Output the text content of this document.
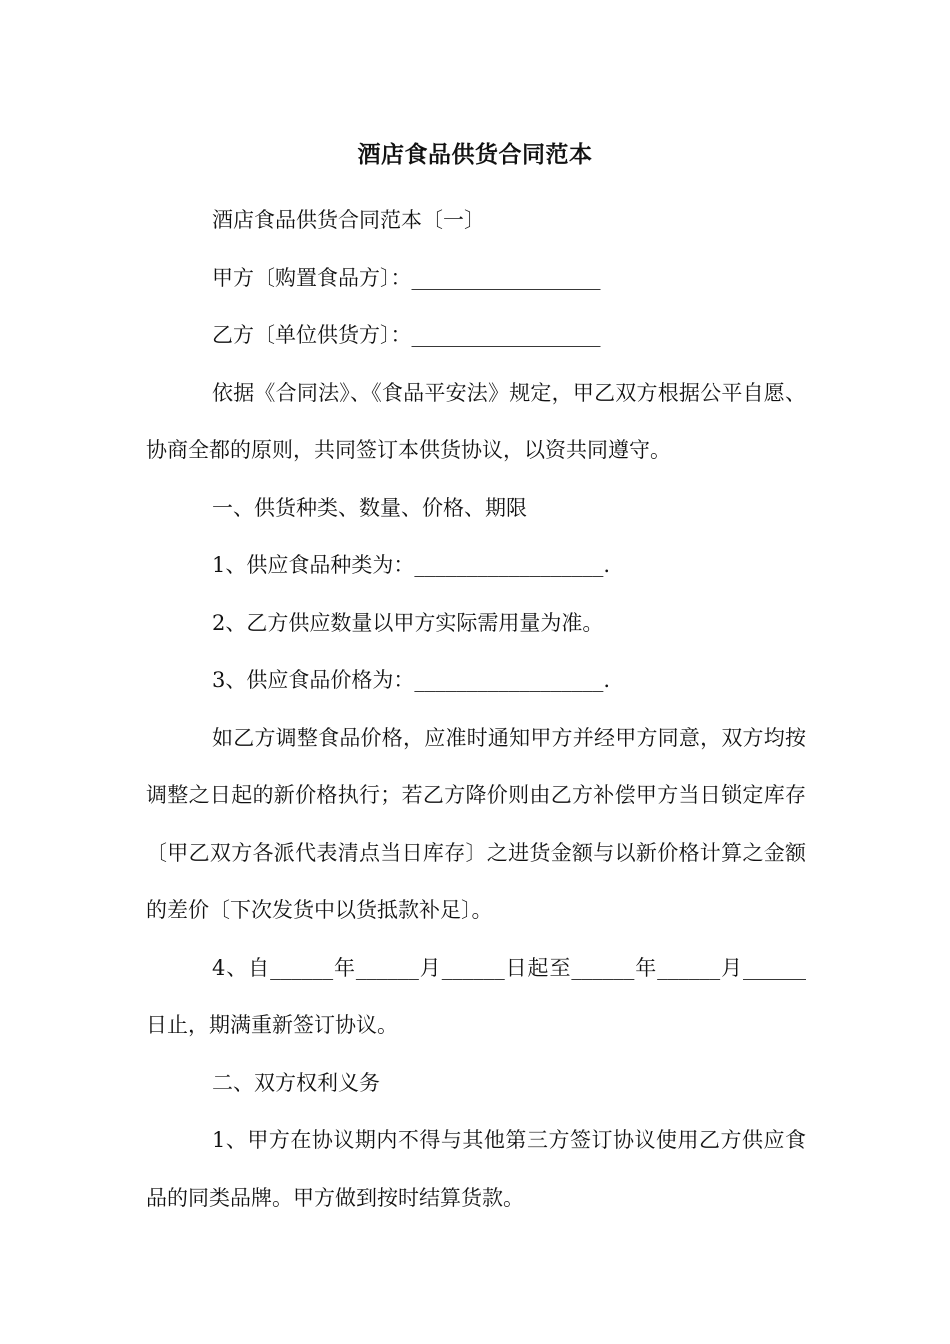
酒店食品供货合同范本

酒店食品供货合同范本〔一〕

甲方〔购置食品方〕：__________________

乙方〔单位供货方〕：__________________

依据《合同法》、《食品平安法》规定，甲乙双方根据公平自愿、协商全都的原则，共同签订本供货协议，以资共同遵守。

一、供货种类、数量、价格、期限

1、供应食品种类为：__________________.

2、乙方供应数量以甲方实际需用量为准。

3、供应食品价格为：__________________.

如乙方调整食品价格，应准时通知甲方并经甲方同意，双方均按调整之日起的新价格执行；若乙方降价则由乙方补偿甲方当日锁定库存〔甲乙双方各派代表清点当日库存〕之进货金额与以新价格计算之金额的差价〔下次发货中以货抵款补足〕。

4、自______年______月______日起至______年______月______日止，期满重新签订协议。

二、双方权利义务

1、甲方在协议期内不得与其他第三方签订协议使用乙方供应食品的同类品牌。甲方做到按时结算货款。
